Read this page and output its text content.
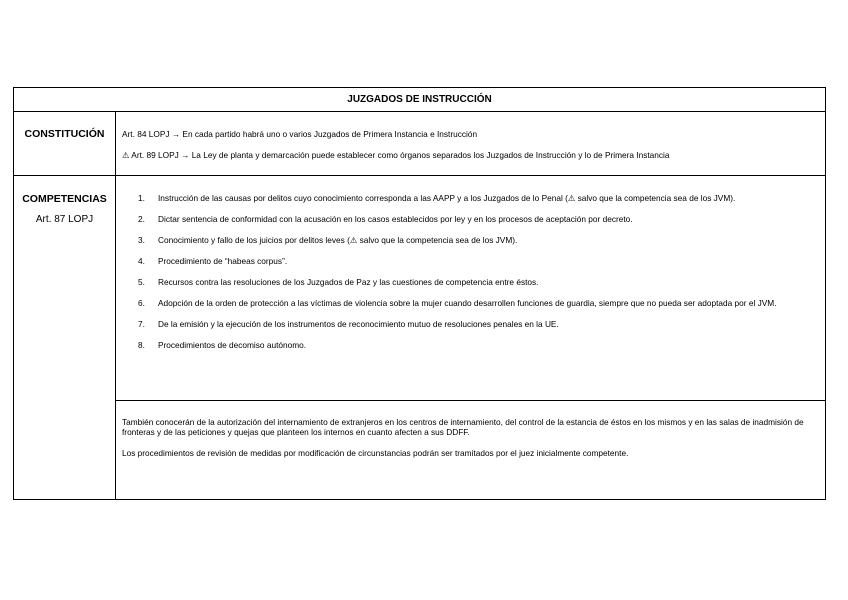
JUZGADOS DE INSTRUCCIÓN
CONSTITUCIÓN	Art. 84 LOPJ → En cada partido habrá uno o varios Juzgados de Primera Instancia e Instrucción
⚠ Art. 89 LOPJ → La Ley de planta y demarcación puede establecer como órganos separados los Juzgados de Instrucción y lo de Primera Instancia
COMPETENCIAS
Art. 87 LOPJ
1. Instrucción de las causas por delitos cuyo conocimiento corresponda a las AAPP y a los Juzgados de lo Penal (⚠ salvo que la competencia sea de los JVM).
2. Dictar sentencia de conformidad con la acusación en los casos establecidos por ley y en los procesos de aceptación por decreto.
3. Conocimiento y fallo de los juicios por delitos leves (⚠ salvo que la competencia sea de los JVM).
4. Procedimiento de “habeas corpus”.
5. Recursos contra las resoluciones de los Juzgados de Paz y las cuestiones de competencia entre éstos.
6. Adopción de la orden de protección a las víctimas de violencia sobre la mujer cuando desarrollen funciones de guardia, siempre que no pueda ser adoptada por el JVM.
7. De la emisión y la ejecución de los instrumentos de reconocimiento mutuo de resoluciones penales en la UE.
8. Procedimientos de decomiso autónomo.

También conocerán de la autorización del internamiento de extranjeros en los centros de internamiento, del control de la estancia de éstos en los mismos y en las salas de inadmisión de fronteras y de las peticiones y quejas que planteen los internos en cuanto afecten a sus DDFF.

Los procedimientos de revisión de medidas por modificación de circunstancias podrán ser tramitados por el juez inicialmente competente.
